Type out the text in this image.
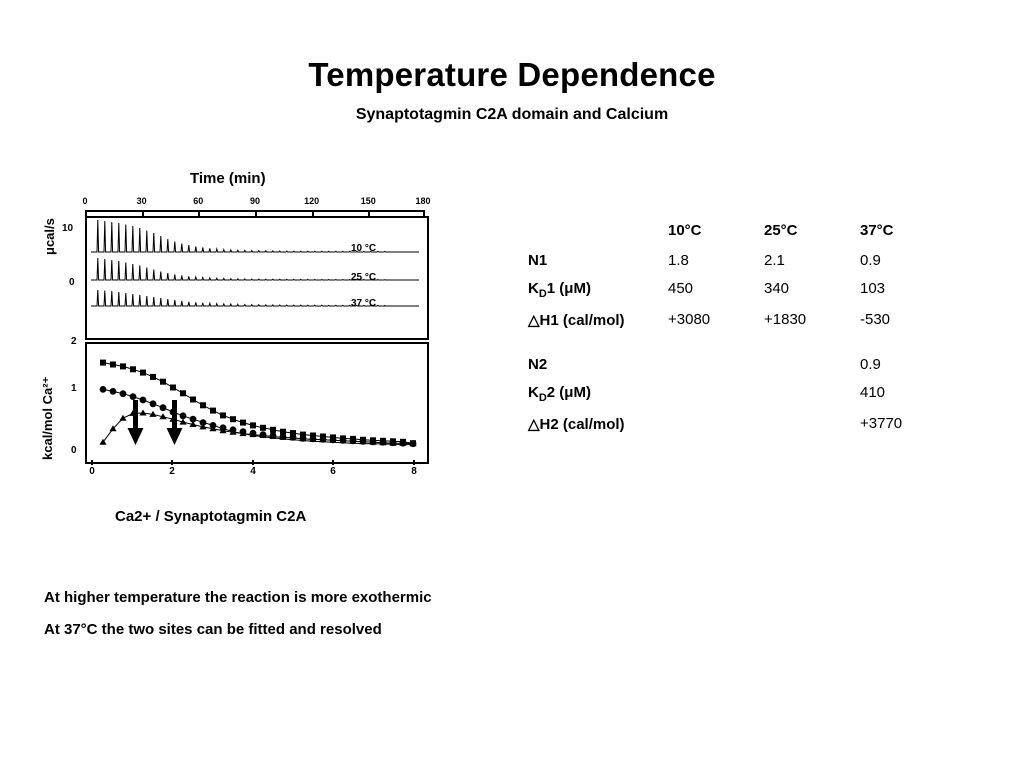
Temperature Dependence
Synaptotagmin C2A domain and Calcium
Time (min)
0	30	60	90	120	150	180
μcal/s 10
0
10 °C
25 °C
37 °C
kcal/mol Ca²⁺
2
1
0
0	2	4	6	8
Ca2+ / Synaptotagmin C2A
	10°C	25°C	37°C
N1	1.8	2.1	0.9
$K_D1$ (μM)	450	340	103
△H1 (cal/mol)	+3080	+1830	-530

N2			0.9
$K_D2$ (μM)			410
△H2 (cal/mol)			+3770
At higher temperature the reaction is more exothermic
At 37°C the two sites can be fitted and resolved
